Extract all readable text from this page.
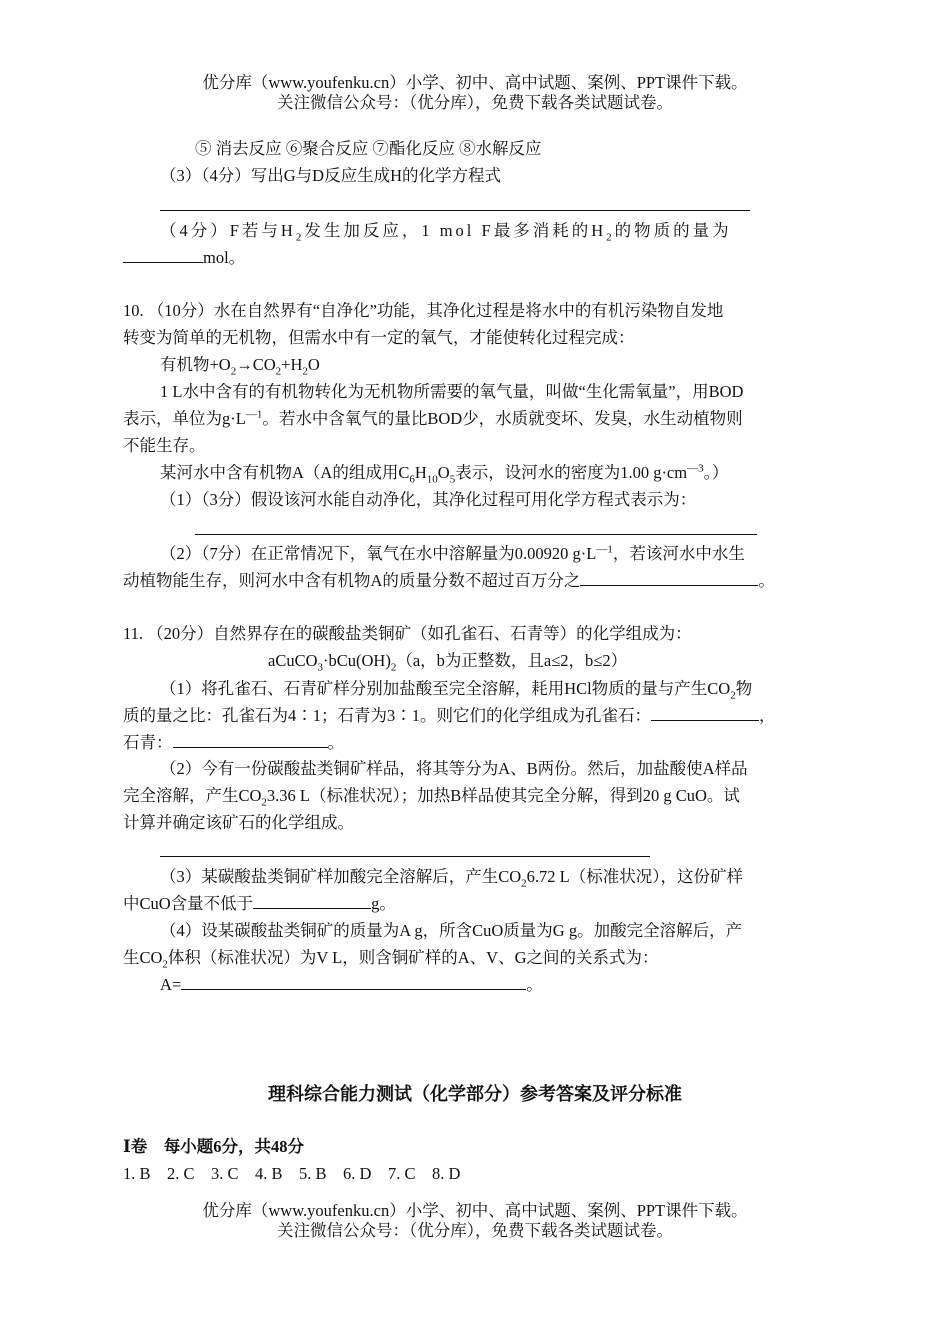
优分库（www.youfenku.cn）小学、初中、高中试题、案例、PPT课件下载。
关注微信公众号：（优分库），免费下载各类试题试卷。
⑤ 消去反应 ⑥聚合反应 ⑦酯化反应 ⑧水解反应
（3）（4分）写出G与D反应生成H的化学方程式
（4分）F若与$H_2$发生加反应，1 mol F最多消耗的$H_2$的物质的量为
mol。
10. （10分）水在自然界有“自净化”功能，其净化过程是将水中的有机污染物自发地
转变为简单的无机物，但需水中有一定的氧气，才能使转化过程完成：
有机物$+O_2\to CO_2+H_2O$
1 L水中含有的有机物转化为无机物所需要的氧气量，叫做“生化需氧量”，用BOD
表示，单位为$g\cdot L^{—1}$。若水中含氧气的量比BOD少，水质就变坏、发臭，水生动植物则
不能生存。
某河水中含有机物A（A的组成用$C_6H_{10}O_5$表示，设河水的密度为1.00 $g\cdot cm^{—3}$。）
（1）（3分）假设该河水能自动净化，其净化过程可用化学方程式表示为：
（2）（7分）在正常情况下，氧气在水中溶解量为0.00920 $g\cdot L^{—1}$，若该河水中水生
动植物能生存，则河水中含有机物A的质量分数不超过百万分之	。
11. （20分）自然界存在的碳酸盐类铜矿（如孔雀石、石青等）的化学组成为：
$aCuCO_3\cdot bCu(OH)_2(a$，b为正整数，且a≤2，b≤2）
（1）将孔雀石、石青矿样分别加盐酸至完全溶解，耗用HCl物质的量与产生$CO_2$物
质的量之比：孔雀石为4∶1；石青为3∶1。则它们的化学组成为孔雀石：	，
石青：	。
（2）今有一份碳酸盐类铜矿样品，将其等分为A、B两份。然后，加盐酸使A样品
完全溶解，产生$CO_23.36$ L（标准状况）；加热B样品使其完全分解，得到20 g CuO。试
计算并确定该矿石的化学组成。
（3）某碳酸盐类铜矿样加酸完全溶解后，产生$CO_26.72$ L（标准状况），这份矿样
中CuO含量不低于	g。
（4）设某碳酸盐类铜矿的质量为A g，所含CuO质量为G g。加酸完全溶解后，产
生$CO_2$体积（标准状况）为V L，则含铜矿样的A、V、G之间的关系式为：
A=	。
理科综合能力测试（化学部分）参考答案及评分标准
Ⅰ卷　每小题6分，共48分
1. B　2. C　3. C　4. B　5. B　6. D　7. C　8. D
优分库（www.youfenku.cn）小学、初中、高中试题、案例、PPT课件下载。
关注微信公众号：（优分库），免费下载各类试题试卷。
